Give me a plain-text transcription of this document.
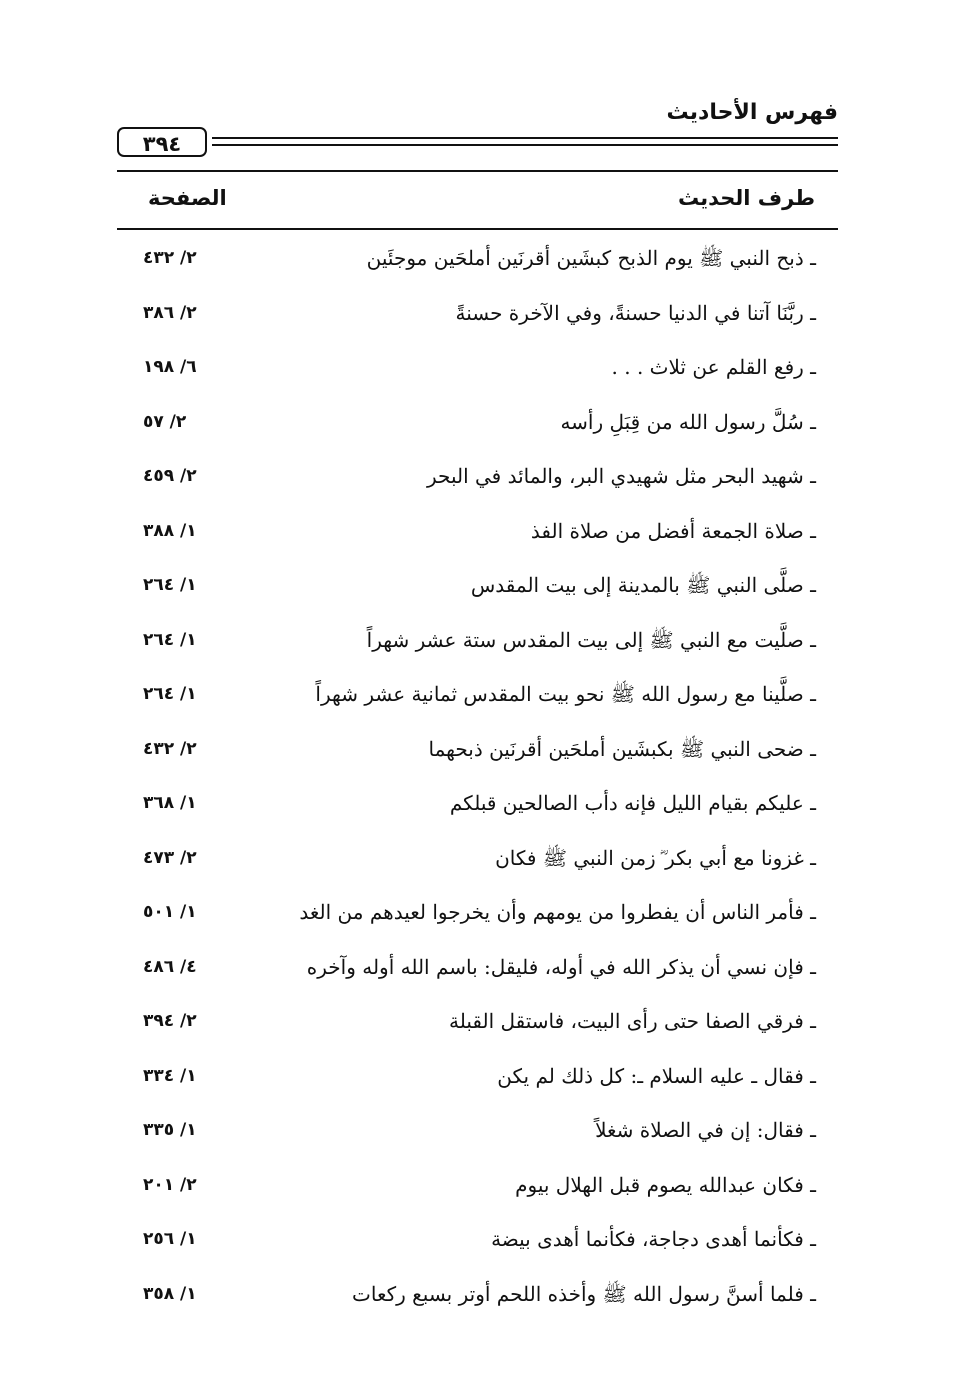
فهرس الأحاديث
٣٩٤
طرف الحديث
الصفحة
ـ ذبح النبي ﷺ يوم الذبح كبشَين أقرنَين أملحَين موجئَين
٢/ ٤٣٢
ـ ربَّنَا آتنا في الدنيا حسنةً، وفي الآخرة حسنةً
٢/ ٣٨٦
ـ رفع القلم عن ثلاث . . .
٦/ ١٩٨
ـ سُلَّ رسول الله من قِبَلِ رأسه
٢/ ٥٧
ـ شهيد البحر مثل شهيدي البر، والمائد في البحر
٢/ ٤٥٩
ـ صلاة الجمعة أفضل من صلاة الفذ
١/ ٣٨٨
ـ صلَّى النبي ﷺ بالمدينة إلى بيت المقدس
١/ ٢٦٤
ـ صلَّيت مع النبي ﷺ إلى بيت المقدس ستة عشر شهراً
١/ ٢٦٤
ـ صلَّينا مع رسول الله ﷺ نحو بيت المقدس ثمانية عشر شهراً
١/ ٢٦٤
ـ ضحى النبي ﷺ بكبشَين أملحَين أقرنَين ذبحهما
٢/ ٤٣٢
ـ عليكم بقيام الليل فإنه دأب الصالحين قبلكم
١/ ٣٦٨
ـ غزونا مع أبي بكر ؓ زمن النبي ﷺ فكان
٢/ ٤٧٣
ـ فأمر الناس أن يفطروا من يومهم وأن يخرجوا لعيدهم من الغد
١/ ٥٠١
ـ فإن نسي أن يذكر الله في أوله، فليقل: باسم الله أوله وآخره
٤/ ٤٨٦
ـ فرقي الصفا حتى رأى البيت، فاستقل القبلة
٢/ ٣٩٤
ـ فقال ـ عليه السلام ـ: كل ذلك لم يكن
١/ ٣٣٤
ـ فقال: إن في الصلاة شغلاً
١/ ٣٣٥
ـ فكان عبدالله يصوم قبل الهلال بيوم
٢/ ٢٠١
ـ فكأنما أهدى دجاجة، فكأنما أهدى بيضة
١/ ٢٥٦
ـ فلما أسنَّ رسول الله ﷺ وأخذه اللحم أوتر بسبع ركعات
١/ ٣٥٨
